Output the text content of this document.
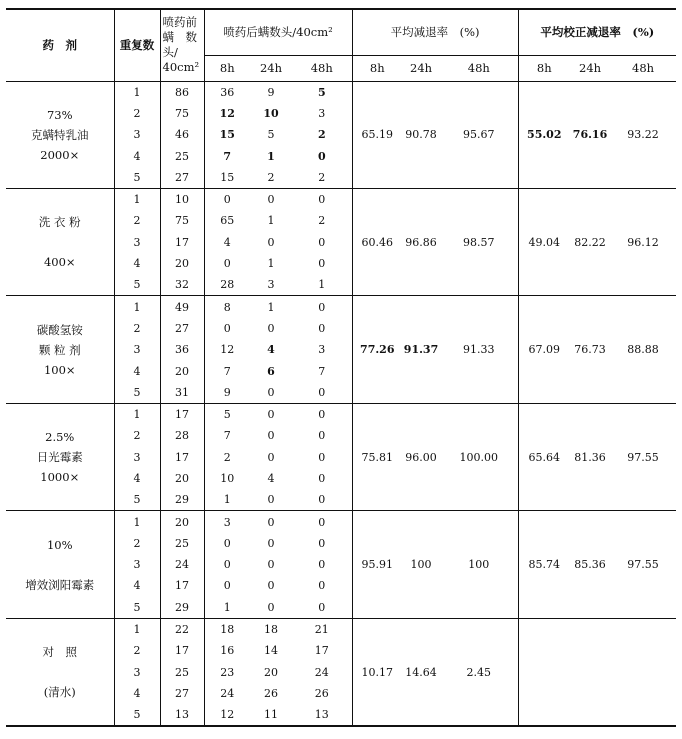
药　剂	重复数	喷药前
螨　数
头/
40cm²	喷药后螨数头/40cm²			平均减退率　(%)			平均校正减退率　(%)		
			8h	24h	48h	8h	24h	48h	8h	24h	48h

73%
克螨特乳油
2000×	1	86	36	9	5	65.19	90.78	95.67	55.02	76.16	93.22
	2	75	12	10	3						
	3	46	15	5	2						
	4	25	7	1	0						
	5	27	15	2	2						

洗 衣 粉

400×	1	10	0	0	0	60.46	96.86	98.57	49.04	82.22	96.12
	2	75	65	1	2						
	3	17	4	0	0						
	4	20	0	1	0						
	5	32	28	3	1						

碳酸氢铵
颗 粒 剂
100×	1	49	8	1	0	77.26	91.37	91.33	67.09	76.73	88.88
	2	27	0	0	0						
	3	36	12	4	3						
	4	20	7	6	7						
	5	31	9	0	0						

2.5%
日光霉素
1000×	1	17	5	0	0	75.81	96.00	100.00	65.64	81.36	97.55
	2	28	7	0	0						
	3	17	2	0	0						
	4	20	10	4	0						
	5	29	1	0	0						

10%

增效浏阳霉素	1	20	3	0	0	95.91	100	100	85.74	85.36	97.55
	2	25	0	0	0						
	3	24	0	0	0						
	4	17	0	0	0						
	5	29	1	0	0						

对　照

(清水)	1	22	18	18	21	10.17	14.64	2.45			
	2	17	16	14	17						
	3	25	23	20	24						
	4	27	24	26	26						
	5	13	12	11	13						
